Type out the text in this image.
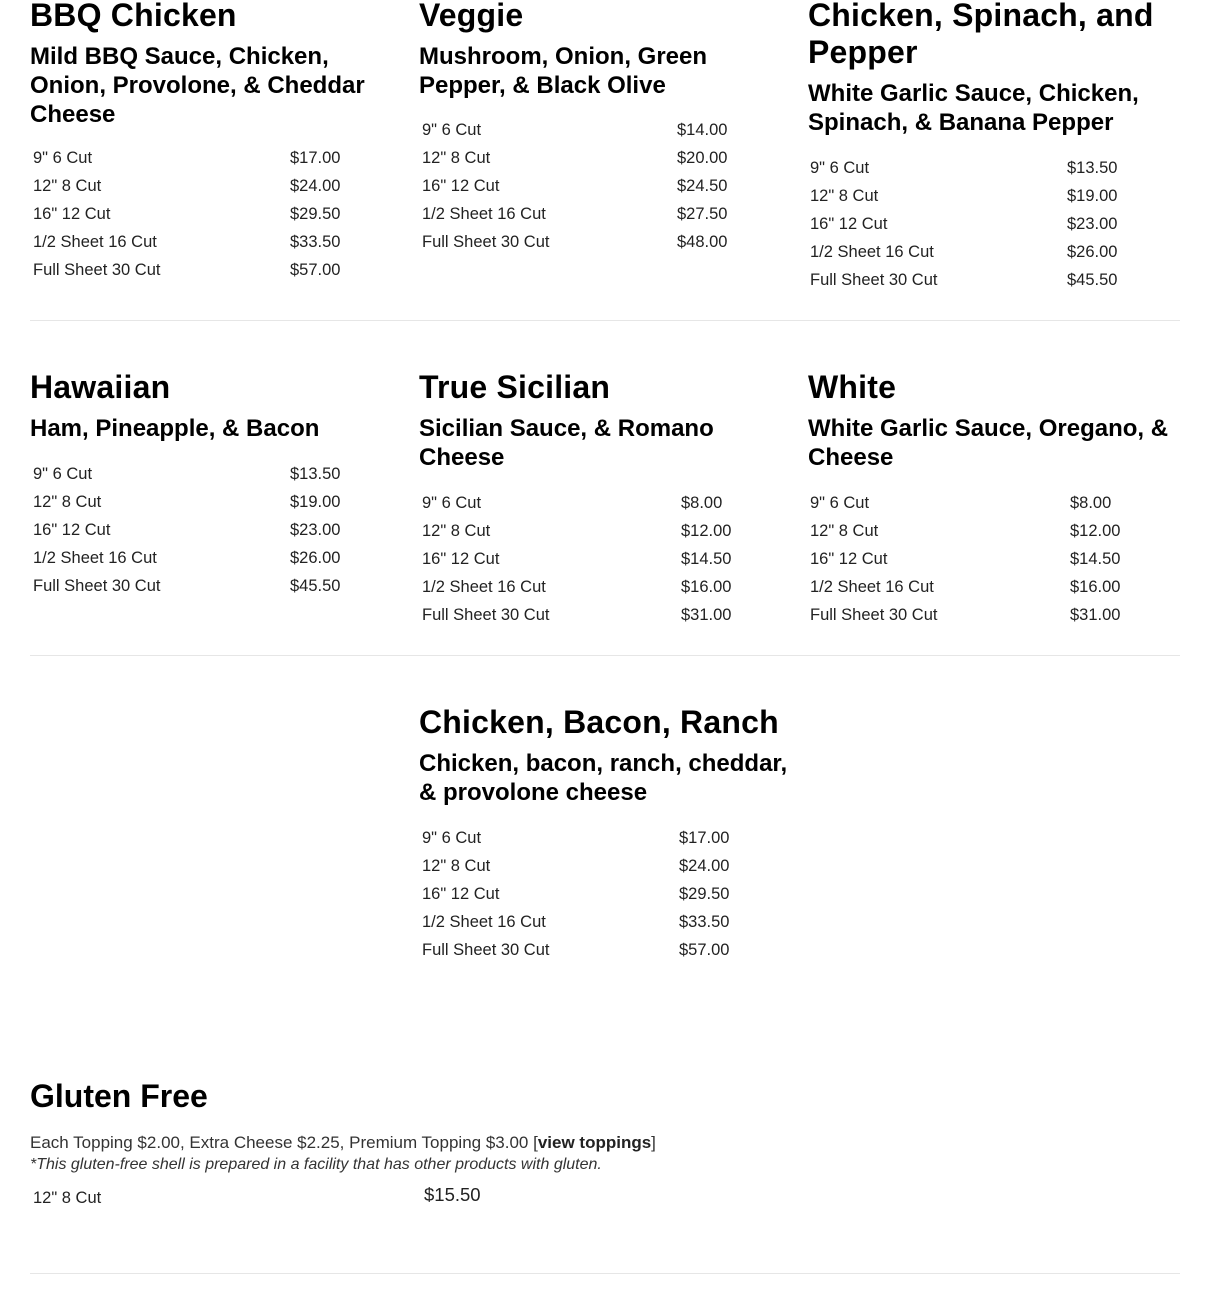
BBQ Chicken
Mild BBQ Sauce, Chicken,
Onion, Provolone, & Cheddar
Cheese
9" 6 Cut	$17.00
12" 8 Cut	$24.00
16" 12 Cut	$29.50
1/2 Sheet 16 Cut	$33.50
Full Sheet 30 Cut	$57.00
Veggie
Mushroom, Onion, Green
Pepper, & Black Olive
9" 6 Cut	$14.00
12" 8 Cut	$20.00
16" 12 Cut	$24.50
1/2 Sheet 16 Cut	$27.50
Full Sheet 30 Cut	$48.00
Chicken, Spinach, and
Pepper
White Garlic Sauce, Chicken,
Spinach, & Banana Pepper
9" 6 Cut	$13.50
12" 8 Cut	$19.00
16" 12 Cut	$23.00
1/2 Sheet 16 Cut	$26.00
Full Sheet 30 Cut	$45.50
Hawaiian
Ham, Pineapple, & Bacon
9" 6 Cut	$13.50
12" 8 Cut	$19.00
16" 12 Cut	$23.00
1/2 Sheet 16 Cut	$26.00
Full Sheet 30 Cut	$45.50
True Sicilian
Sicilian Sauce, & Romano
Cheese
9" 6 Cut	$8.00
12" 8 Cut	$12.00
16" 12 Cut	$14.50
1/2 Sheet 16 Cut	$16.00
Full Sheet 30 Cut	$31.00
White
White Garlic Sauce, Oregano, &
Cheese
9" 6 Cut	$8.00
12" 8 Cut	$12.00
16" 12 Cut	$14.50
1/2 Sheet 16 Cut	$16.00
Full Sheet 30 Cut	$31.00
Chicken, Bacon, Ranch
Chicken, bacon, ranch, cheddar,
& provolone cheese
9" 6 Cut	$17.00
12" 8 Cut	$24.00
16" 12 Cut	$29.50
1/2 Sheet 16 Cut	$33.50
Full Sheet 30 Cut	$57.00
Gluten Free
Each Topping $2.00, Extra Cheese $2.25, Premium Topping $3.00 [view toppings]
*This gluten-free shell is prepared in a facility that has other products with gluten.
12" 8 Cut	$15.50
